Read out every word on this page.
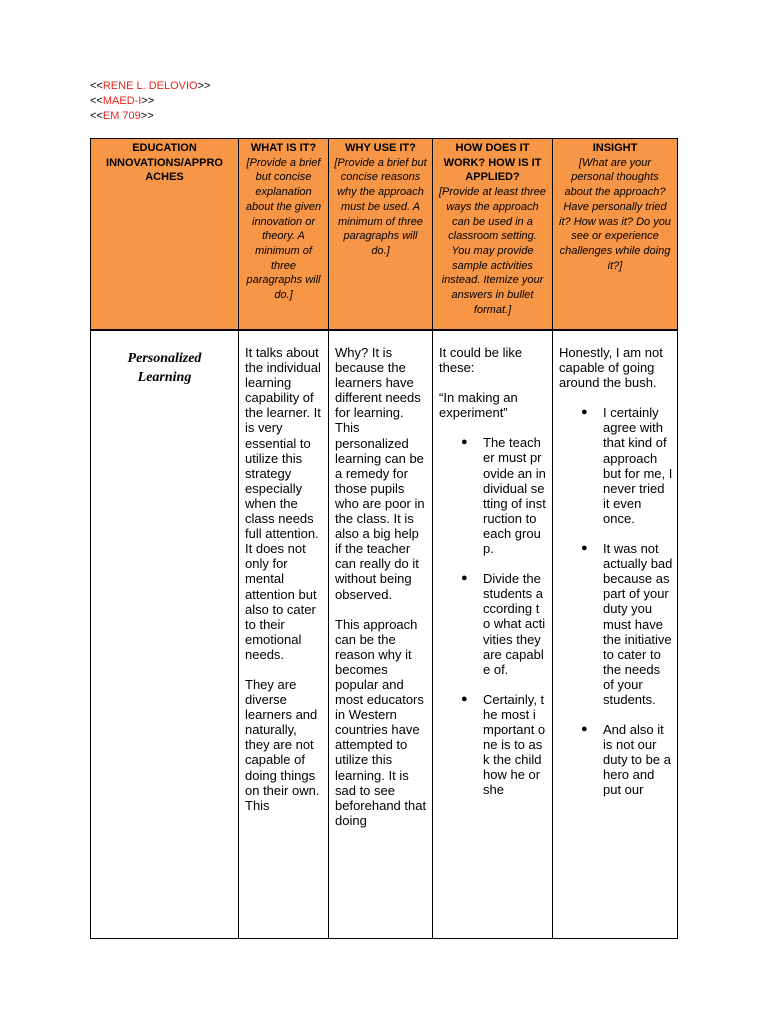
<<RENE L. DELOVIO>>
<<MAED-I>>
<<EM 709>>
EDUCATION INNOVATIONS/APPRO ACHES
WHAT IS IT?
[Provide a brief but concise explanation about the given innovation or theory. A minimum of three paragraphs will do.]
WHY USE IT?
[Provide a brief but concise reasons why the approach must be used. A minimum of three paragraphs will do.]
HOW DOES IT WORK? HOW IS IT APPLIED?
[Provide at least three ways the approach can be used in a classroom setting. You may provide sample activities instead. Itemize your answers in bullet format.]
INSIGHT
[What are your personal thoughts about the approach? Have personally tried it? How was it? Do you see or experience challenges while doing it?]
Personalized Learning

It talks about the individual learning capability of the learner. It is very essential to utilize this strategy especially when the class needs full attention. It does not only for mental attention but also to cater to their emotional needs.

They are diverse learners and naturally, they are not capable of doing things on their own. This

Why? It is because the learners have different needs for learning. This personalized learning can be a remedy for those pupils who are poor in the class. It is also a big help if the teacher can really do it without being observed.

This approach can be the reason why it becomes popular and most educators in Western countries have attempted to utilize this learning. It is sad to see beforehand that doing

It could be like these:

“In making an experiment”

● The teacher must provide an individual setting of instruction to each group.
● Divide the students according to what activities they are capable of.
● Certainly, the most important one is to ask the child how he or she

Honestly, I am not capable of going around the bush.

● I certainly agree with that kind of approach but for me, I never tried it even once.
● It was not actually bad because as part of your duty you must have the initiative to cater to the needs of your students.
● And also it is not our duty to be a hero and put our
